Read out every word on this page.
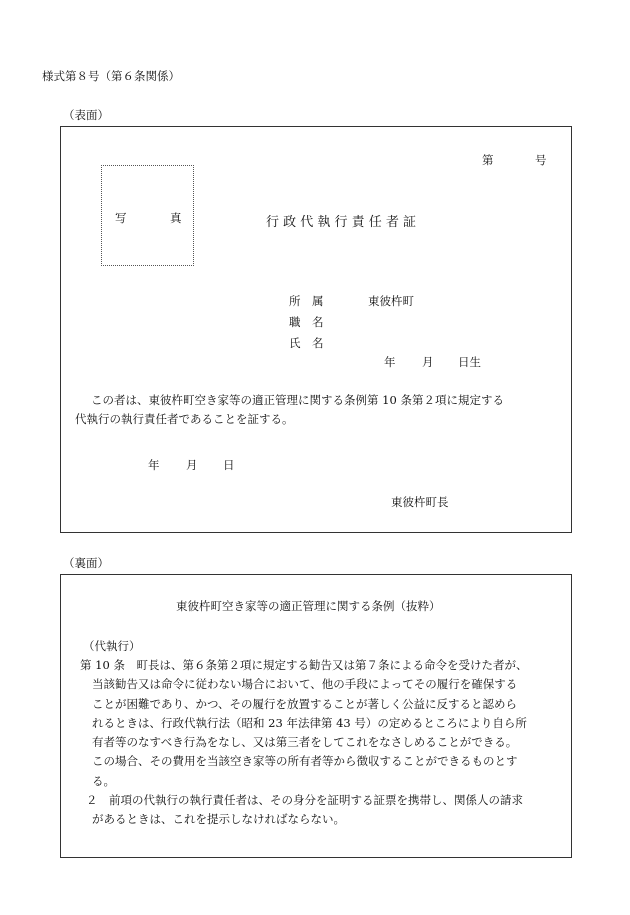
様式第８号（第６条関係）
（表面）
第	号
写	真	行 政 代 執 行 責 任 者 証
所　属	東彼杵町
職　名
氏　名
年 月 日生
この者は、東彼杵町空き家等の適正管理に関する条例第 10 条第２項に規定する
代執行の執行責任者であることを証する。
年 月 日
東彼杵町長
（裏面）
東彼杵町空き家等の適正管理に関する条例（抜粋）
（代執行）
第 10 条　町長は、第６条第２項に規定する勧告又は第７条による命令を受けた者が、
当該勧告又は命令に従わない場合において、他の手段によってその履行を確保する
ことが困難であり、かつ、その履行を放置することが著しく公益に反すると認めら
れるときは、行政代執行法（昭和 23 年法律第 43 号）の定めるところにより自ら所
有者等のなすべき行為をなし、又は第三者をしてこれをなさしめることができる。
この場合、その費用を当該空き家等の所有者等から徴収することができるものとす
る。
２　前項の代執行の執行責任者は、その身分を証明する証票を携帯し、関係人の請求
があるときは、これを提示しなければならない。
